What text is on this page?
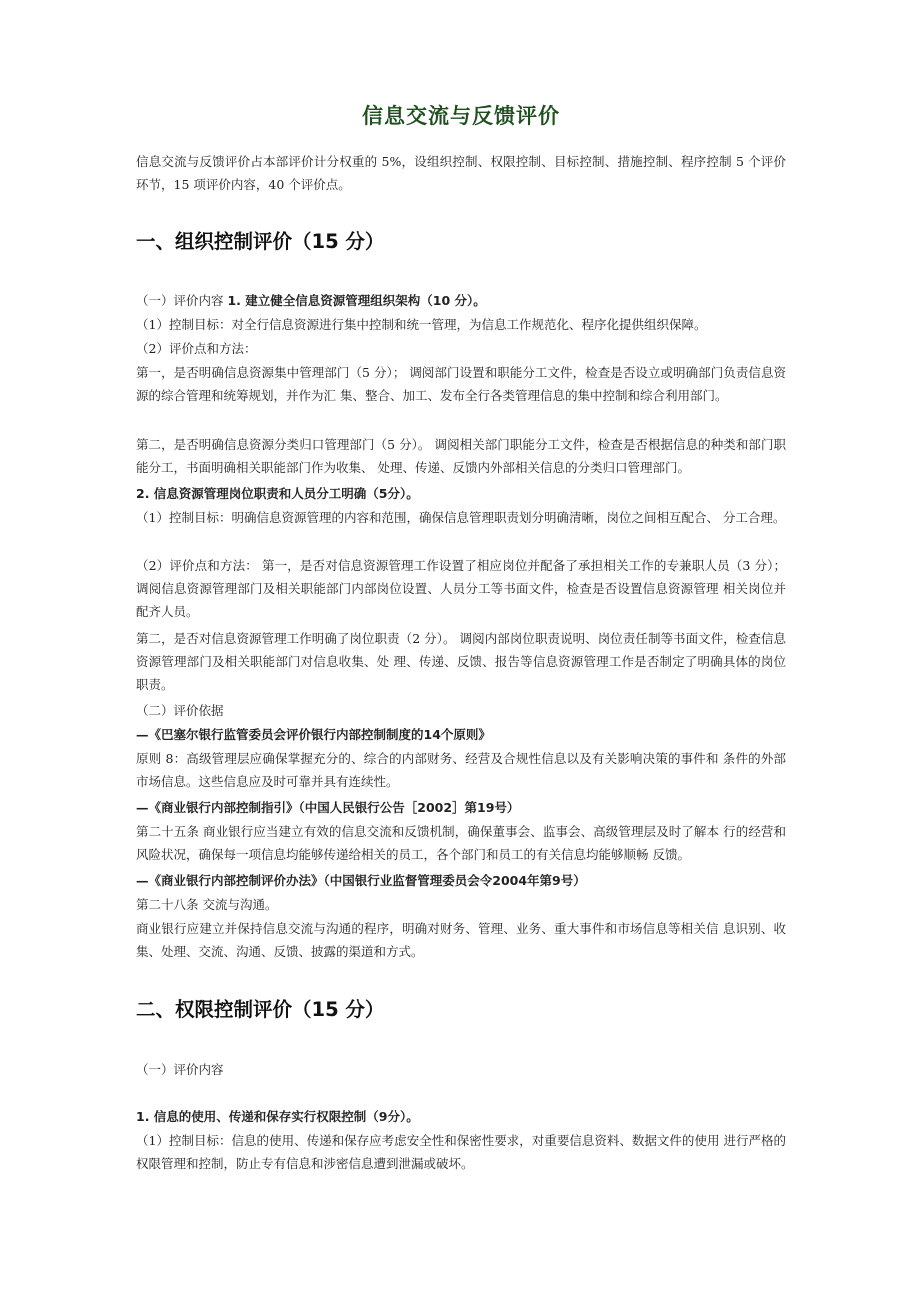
信息交流与反馈评价
信息交流与反馈评价占本部评价计分权重的 5%，设组织控制、权限控制、目标控制、措施控制、程序控制 5 个评价环节，15 项评价内容，40 个评价点。
一、组织控制评价（15 分）
（一）评价内容 1. 建立健全信息资源管理组织架构（10 分）。
（1）控制目标：对全行信息资源进行集中控制和统一管理，为信息工作规范化、程序化提供组织保障。
（2）评价点和方法：
第一，是否明确信息资源集中管理部门（5 分）； 调阅部门设置和职能分工文件，检查是否设立或明确部门负责信息资源的综合管理和统筹规划，并作为汇 集、整合、加工、发布全行各类管理信息的集中控制和综合利用部门。
第二，是否明确信息资源分类归口管理部门（5 分）。 调阅相关部门职能分工文件，检查是否根据信息的种类和部门职能分工，书面明确相关职能部门作为收集、 处理、传递、反馈内外部相关信息的分类归口管理部门。
2. 信息资源管理岗位职责和人员分工明确（5分）。
（1）控制目标：明确信息资源管理的内容和范围，确保信息管理职责划分明确清晰，岗位之间相互配合、 分工合理。
（2）评价点和方法： 第一，是否对信息资源管理工作设置了相应岗位并配备了承担相关工作的专兼职人员（3 分）； 调阅信息资源管理部门及相关职能部门内部岗位设置、人员分工等书面文件，检查是否设置信息资源管理 相关岗位并配齐人员。
第二，是否对信息资源管理工作明确了岗位职责（2 分）。 调阅内部岗位职责说明、岗位责任制等书面文件，检查信息资源管理部门及相关职能部门对信息收集、处 理、传递、反馈、报告等信息资源管理工作是否制定了明确具体的岗位职责。
（二）评价依据
—《巴塞尔银行监管委员会评价银行内部控制制度的14个原则》
原则 8：高级管理层应确保掌握充分的、综合的内部财务、经营及合规性信息以及有关影响决策的事件和 条件的外部市场信息。这些信息应及时可靠并具有连续性。
—《商业银行内部控制指引》（中国人民银行公告［2002］第19号）
第二十五条 商业银行应当建立有效的信息交流和反馈机制，确保董事会、监事会、高级管理层及时了解本 行的经营和风险状况，确保每一项信息均能够传递给相关的员工，各个部门和员工的有关信息均能够顺畅 反馈。
—《商业银行内部控制评价办法》（中国银行业监督管理委员会令2004年第9号）
第二十八条 交流与沟通。
商业银行应建立并保持信息交流与沟通的程序，明确对财务、管理、业务、重大事件和市场信息等相关信 息识别、收集、处理、交流、沟通、反馈、披露的渠道和方式。
二、权限控制评价（15 分）
（一）评价内容
1. 信息的使用、传递和保存实行权限控制（9分）。
（1）控制目标：信息的使用、传递和保存应考虑安全性和保密性要求，对重要信息资料、数据文件的使用 进行严格的权限管理和控制，防止专有信息和涉密信息遭到泄漏或破坏。
